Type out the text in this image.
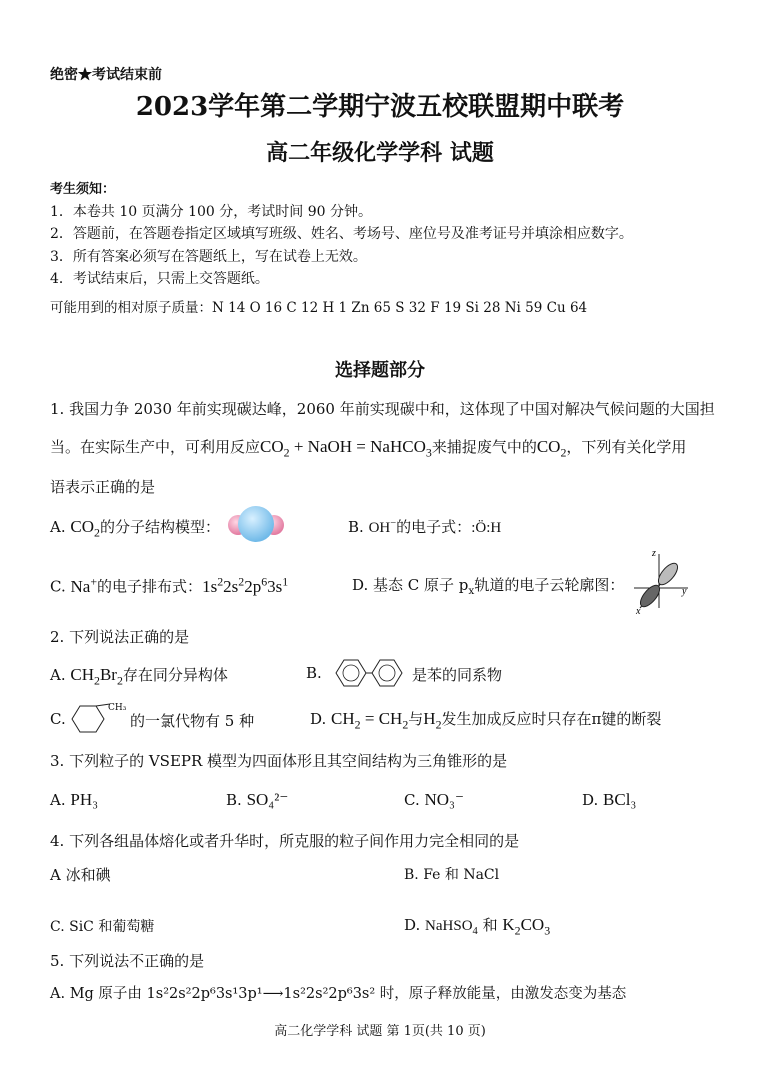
绝密★考试结束前
2023学年第二学期宁波五校联盟期中联考
高二年级化学学科 试题
考生须知：
1．本卷共 10 页满分 100 分，考试时间 90 分钟。
2．答题前，在答题卷指定区域填写班级、姓名、考场号、座位号及准考证号并填涂相应数字。
3．所有答案必须写在答题纸上，写在试卷上无效。
4．考试结束后，只需上交答题纸。
可能用到的相对原子质量：N 14 O 16 C 12 H 1 Zn 65 S 32 F 19 Si 28 Ni 59 Cu 64
选择题部分
1. 我国力争 2030 年前实现碳达峰，2060 年前实现碳中和，这体现了中国对解决气候问题的大国担
当。在实际生产中，可利用反应$CO_2$ + NaOH = NaHCO$_3$来捕捉废气中的$CO_2$，下列有关化学用
语表示正确的是
A. $CO_2$的分子结构模型：	B. OH−的电子式：:Ö:H
C. Na+的电子排布式：$1s^22s^22p^63s^1$	D. 基态 C 原子 $p_x$轨道的电子云轮廓图：
z
y
x
2. 下列说法正确的是
A. $CH_2Br_2$存在同分异构体	B.	是苯的同系物
C.
CH₃
的一氯代物有 5 种	D. $CH_2 = CH_2$与$H_2$发生加成反应时只存在π键的断裂
3. 下列粒子的 VSEPR 模型为四面体形且其空间结构为三角锥形的是
A. PH₃	B. SO₄²⁻	C. NO₃⁻	D. BCl₃
4. 下列各组晶体熔化或者升华时，所克服的粒子间作用力完全相同的是
A 冰和碘	B. Fe 和 NaCl
C. SiC 和葡萄糖	D. NaHSO$_4$ 和 $K_2CO_3$
5. 下列说法不正确的是
A. Mg 原子由 1s²2s²2p⁶3s¹3p¹⟶1s²2s²2p⁶3s² 时，原子释放能量，由激发态变为基态
高二化学学科 试题 第 1页(共 10 页)
